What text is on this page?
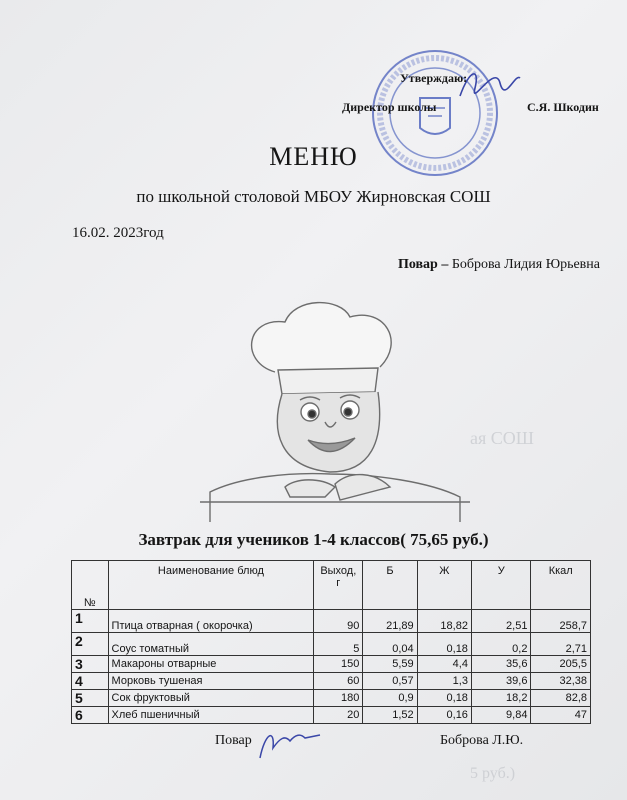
ая СОШ
5 руб.)
Утверждаю:
Директор школы	С.Я. Шкодин
МЕНЮ
по школьной столовой МБОУ Жирновская СОШ
16.02. 2023год
Повар – Боброва Лидия Юрьевна
Завтрак для учеников 1-4 классов( 75,65 руб.)
№	Наименование блюд	Выход, г	Б	Ж	У	Ккал
1	Птица отварная ( окорочка)	90	21,89	18,82	2,51	258,7
2	Соус томатный	5	0,04	0,18	0,2	2,71
3	Макароны отварные	150	5,59	4,4	35,6	205,5
4	Морковь тушеная	60	0,57	1,3	39,6	32,38
5	Сок фруктовый	180	0,9	0,18	18,2	82,8
6	Хлеб пшеничный	20	1,52	0,16	9,84	47
Повар	Боброва Л.Ю.
